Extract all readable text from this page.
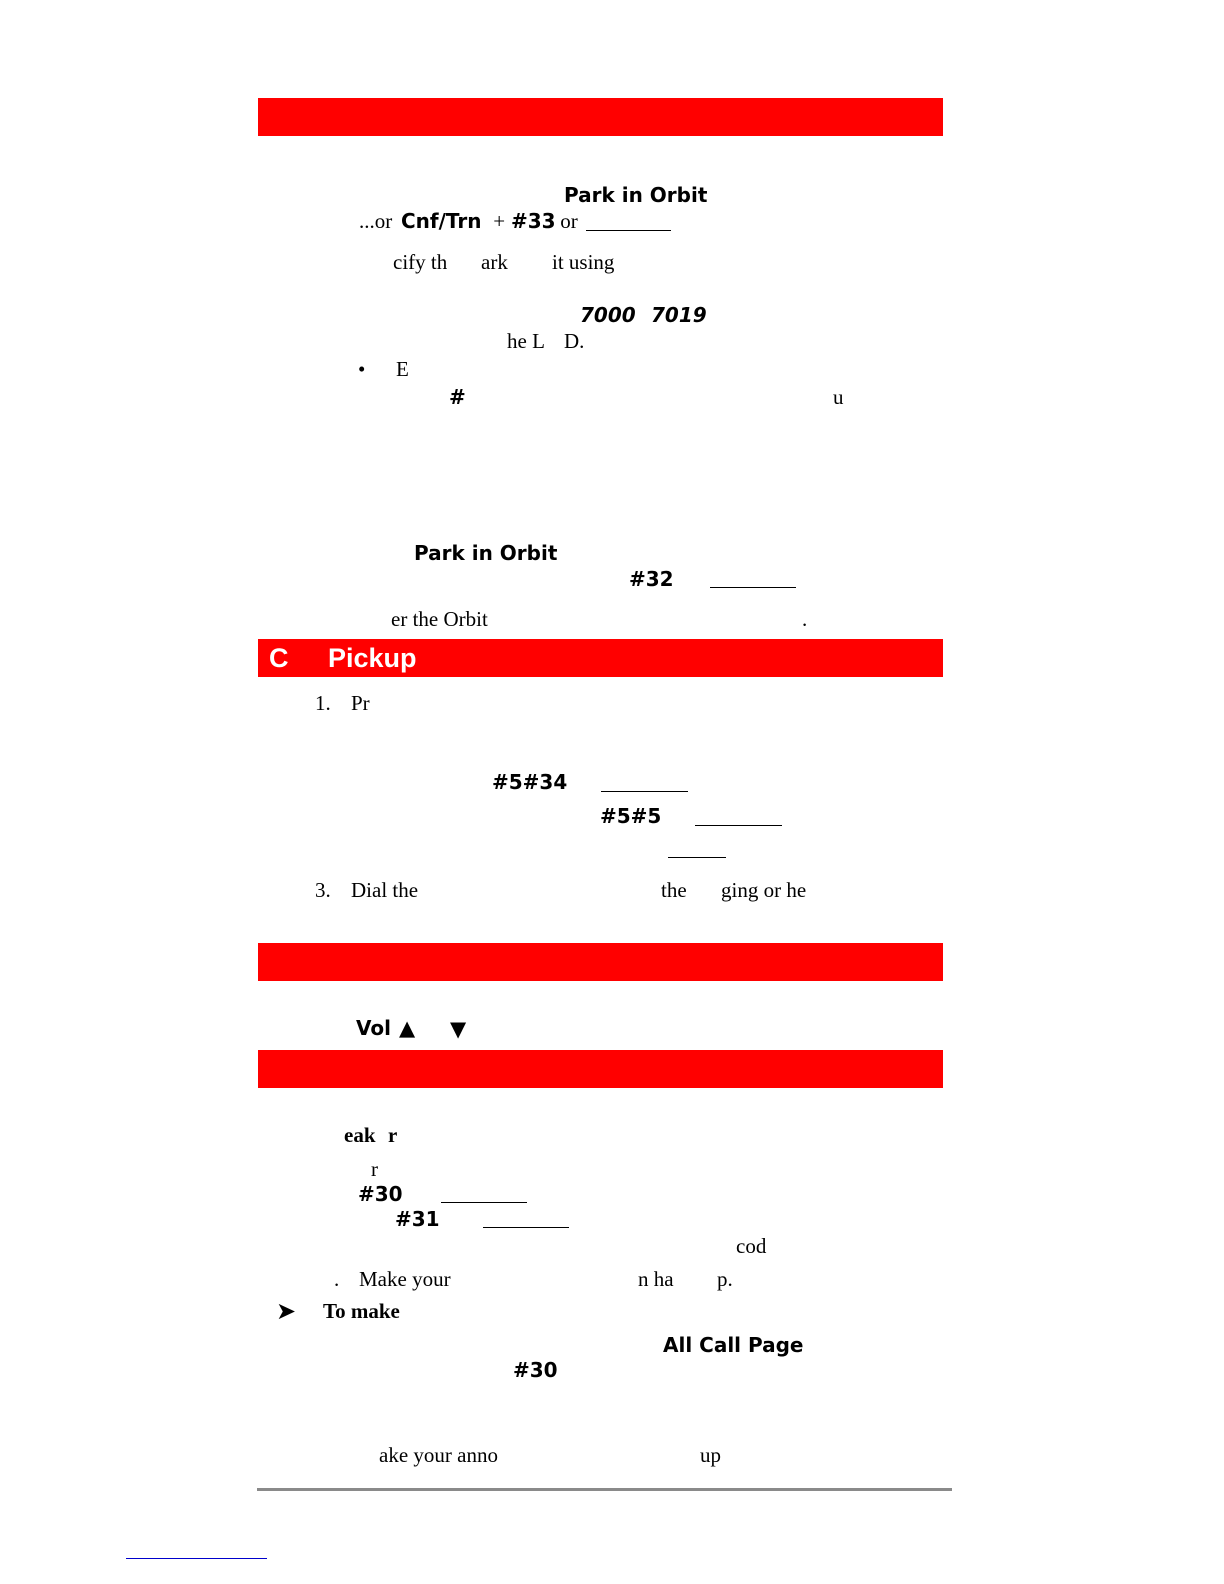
C Pickup
Park in Orbit
...or Cnf/Trn + #33 or
cify th ark it using
7000 7019
he L D.
• E
#	u
Park in Orbit
#32
er the Orbit	.
1. Pr
#5#34
#5#5
3. Dial the	the ging or he
Vol ▲ ▼
eak r
r
#30
#31
cod
. Make your	n ha p.
➤ To make
All Call Page
#30
ake your anno	up
